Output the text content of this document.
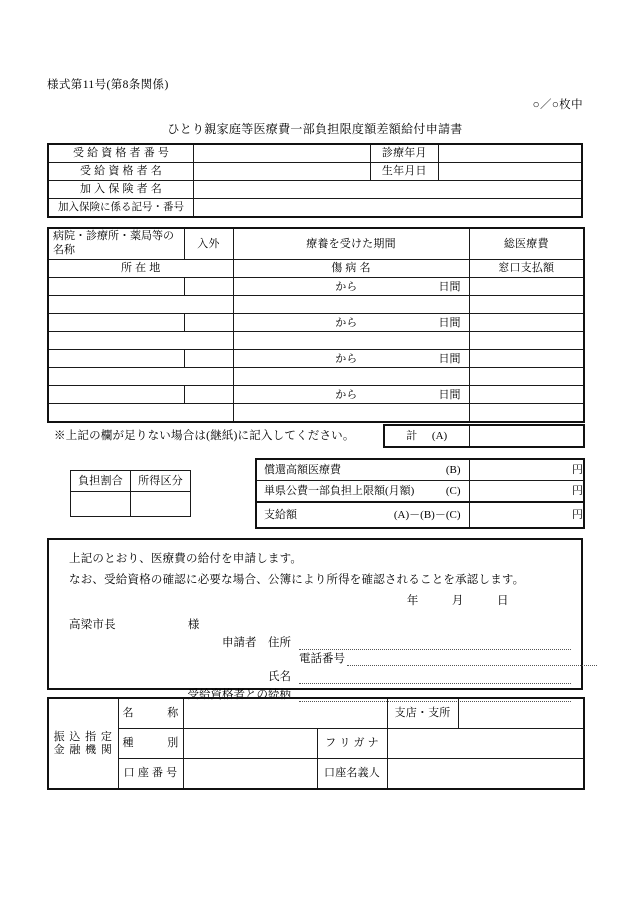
様式第11号(第8条関係)
○／○枚中
ひとり親家庭等医療費一部負担限度額差額給付申請書
受 給 資 格 者 番 号		診療年月	
受 給 資 格 者 名		生年月日	
加 入 保 険 者 名			
加入保険に係る記号・番号			
病院・診療所・薬局等の名称	入外	療養を受けた期間	総医療費
所 在 地		傷 病 名	窓口支払額

		から 日間	

		から 日間	

		から 日間	

		から 日間	

※上記の欄が足りない場合は(継紙)に記入してください。	計 (A)

負担割合	所得区分

償還高額医療費 (B)	円

単県公費一部負担上限額(月額) (C)	円

支給額 (A)－(B)－(C)	円
上記のとおり、医療費の給付を申請します。
なお、受給資格の確認に必要な場合、公簿により所得を確認されることを承認します。
年	月	日
高梁市長	様
申請者　住所
電話番号
氏名
受給資格者との続柄
振 込 指 定
金 融 機 関
	名　　　称			支店・支所	

種　　　別		フ リ ガ ナ	
口 座 番 号		口座名義人	
